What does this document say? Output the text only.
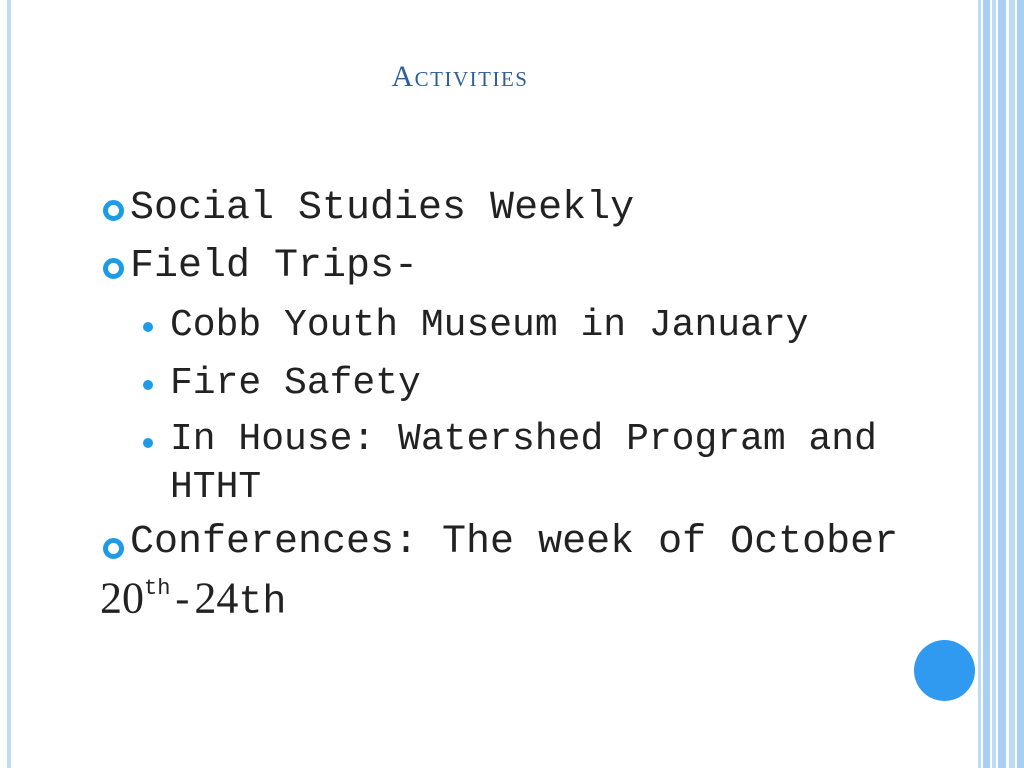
Activities
Social Studies Weekly
Field Trips-
Cobb Youth Museum in January
Fire Safety
In House: Watershed Program and HTHT
Conferences: The week of October 20th-24th
